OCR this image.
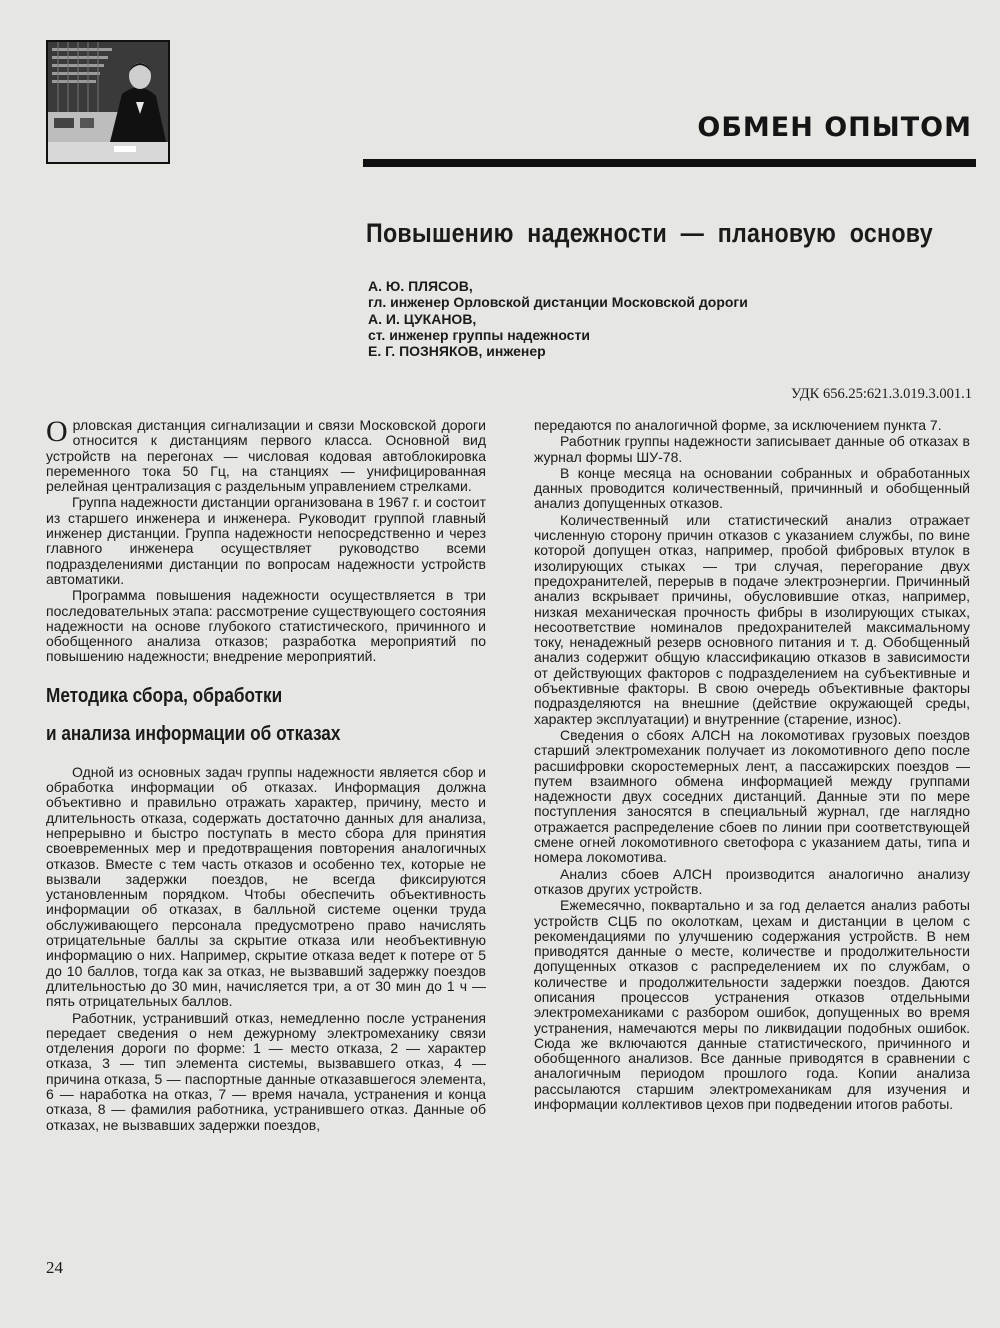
ОБМЕН ОПЫТОМ
Повышению надежности — плановую основу
А. Ю. ПЛЯСОВ,
гл. инженер Орловской дистанции Московской дороги
А. И. ЦУКАНОВ,
ст. инженер группы надежности
Е. Г. ПОЗНЯКОВ, инженер
УДК 656.25:621.3.019.3.001.1

Орловская дистанция сигнализации и связи Московской дороги относится к дистанциям первого класса. Основной вид устройств на перегонах — числовая кодовая автоблокировка переменного тока 50 Гц, на станциях — унифицированная релейная централизация с раздельным управлением стрелками.

Группа надежности дистанции организована в 1967 г. и состоит из старшего инженера и инженера. Руководит группой главный инженер дистанции. Группа надежности непосредственно и через главного инженера осуществляет руководство всеми подразделениями дистанции по вопросам надежности устройств автоматики.

Программа повышения надежности осуществляется в три последовательных этапа: рассмотрение существующего состояния надежности на основе глубокого статистического, причинного и обобщенного анализа отказов; разработка мероприятий по повышению надежности; внедрение мероприятий.

Методика сбора, обработки
и анализа информации об отказах

Одной из основных задач группы надежности является сбор и обработка информации об отказах. Информация должна объективно и правильно отражать характер, причину, место и длительность отказа, содержать достаточно данных для анализа, непрерывно и быстро поступать в место сбора для принятия своевременных мер и предотвращения повторения аналогичных отказов. Вместе с тем часть отказов и особенно тех, которые не вызвали задержки поездов, не всегда фиксируются установленным порядком. Чтобы обеспечить объективность информации об отказах, в балльной системе оценки труда обслуживающего персонала предусмотрено право начислять отрицательные баллы за скрытие отказа или необъективную информацию о них. Например, скрытие отказа ведет к потере от 5 до 10 баллов, тогда как за отказ, не вызвавший задержку поездов длительностью до 30 мин, начисляется три, а от 30 мин до 1 ч — пять отрицательных баллов.

Работник, устранивший отказ, немедленно после устранения передает сведения о нем дежурному электромеханику связи отделения дороги по форме: 1 — место отказа, 2 — характер отказа, 3 — тип элемента системы, вызвавшего отказ, 4 — причина отказа, 5 — паспортные данные отказавшегося элемента, 6 — наработка на отказ, 7 — время начала, устранения и конца отказа, 8 — фамилия работника, устранившего отказ. Данные об отказах, не вызвавших задержки поездов,

передаются по аналогичной форме, за исключением пункта 7.

Работник группы надежности записывает данные об отказах в журнал формы ШУ-78.

В конце месяца на основании собранных и обработанных данных проводится количественный, причинный и обобщенный анализ допущенных отказов.

Количественный или статистический анализ отражает численную сторону причин отказов с указанием службы, по вине которой допущен отказ, например, пробой фибровых втулок в изолирующих стыках — три случая, перегорание двух предохранителей, перерыв в подаче электроэнергии. Причинный анализ вскрывает причины, обусловившие отказ, например, низкая механическая прочность фибры в изолирующих стыках, несоответствие номиналов предохранителей максимальному току, ненадежный резерв основного питания и т. д. Обобщенный анализ содержит общую классификацию отказов в зависимости от действующих факторов с подразделением на субъективные и объективные факторы. В свою очередь объективные факторы подразделяются на внешние (действие окружающей среды, характер эксплуатации) и внутренние (старение, износ).

Сведения о сбоях АЛСН на локомотивах грузовых поездов старший электромеханик получает из локомотивного депо после расшифровки скоростемерных лент, а пассажирских поездов — путем взаимного обмена информацией между группами надежности двух соседних дистанций. Данные эти по мере поступления заносятся в специальный журнал, где наглядно отражается распределение сбоев по линии при соответствующей смене огней локомотивного светофора с указанием даты, типа и номера локомотива.

Анализ сбоев АЛСН производится аналогично анализу отказов других устройств.

Ежемесячно, поквартально и за год делается анализ работы устройств СЦБ по околоткам, цехам и дистанции в целом с рекомендациями по улучшению содержания устройств. В нем приводятся данные о месте, количестве и продолжительности допущенных отказов с распределением их по службам, о количестве и продолжительности задержки поездов. Даются описания процессов устранения отказов отдельными электромеханиками с разбором ошибок, допущенных во время устранения, намечаются меры по ликвидации подобных ошибок. Сюда же включаются данные статистического, причинного и обобщенного анализов. Все данные приводятся в сравнении с аналогичным периодом прошлого года. Копии анализа рассылаются старшим электромеханикам для изучения и информации коллективов цехов при подведении итогов работы.

24
